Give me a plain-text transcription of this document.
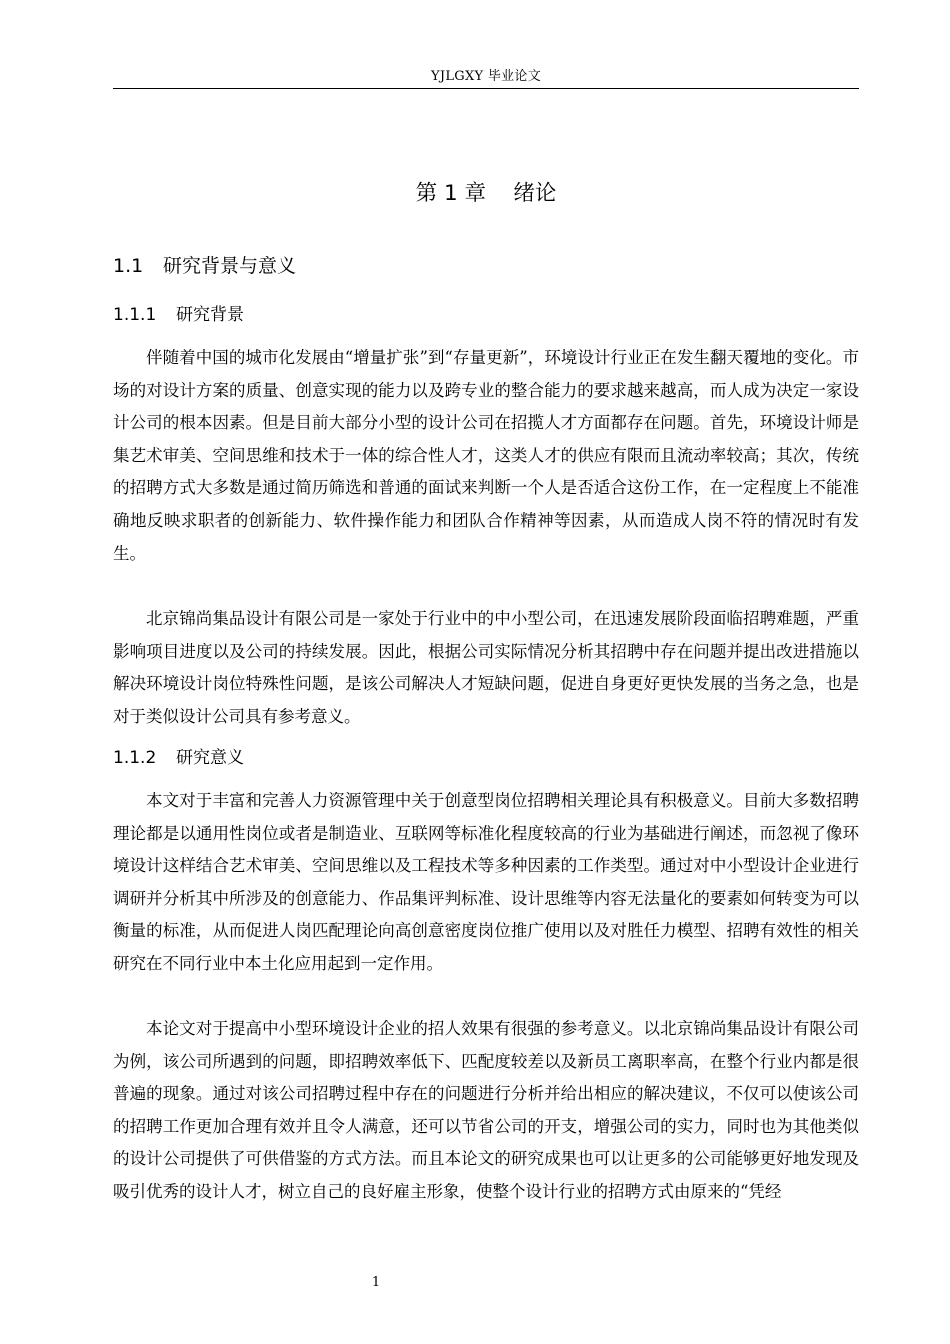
YJLGXY 毕业论文
第 1 章    绪论
1.1 研究背景与意义
1.1.1 研究背景

伴随着中国的城市化发展由“增量扩张”到“存量更新”，环境设计行业正在发生翻天覆地的变化。市场的对设计方案的质量、创意实现的能力以及跨专业的整合能力的要求越来越高，而人成为决定一家设计公司的根本因素。但是目前大部分小型的设计公司在招揽人才方面都存在问题。首先，环境设计师是集艺术审美、空间思维和技术于一体的综合性人才，这类人才的供应有限而且流动率较高；其次，传统的招聘方式大多数是通过简历筛选和普通的面试来判断一个人是否适合这份工作，在一定程度上不能准确地反映求职者的创新能力、软件操作能力和团队合作精神等因素，从而造成人岗不符的情况时有发生。

北京锦尚集品设计有限公司是一家处于行业中的中小型公司，在迅速发展阶段面临招聘难题，严重影响项目进度以及公司的持续发展。因此，根据公司实际情况分析其招聘中存在问题并提出改进措施以解决环境设计岗位特殊性问题，是该公司解决人才短缺问题，促进自身更好更快发展的当务之急，也是对于类似设计公司具有参考意义。

1.1.2 研究意义

本文对于丰富和完善人力资源管理中关于创意型岗位招聘相关理论具有积极意义。目前大多数招聘理论都是以通用性岗位或者是制造业、互联网等标准化程度较高的行业为基础进行阐述，而忽视了像环境设计这样结合艺术审美、空间思维以及工程技术等多种因素的工作类型。通过对中小型设计企业进行调研并分析其中所涉及的创意能力、作品集评判标准、设计思维等内容无法量化的要素如何转变为可以衡量的标准，从而促进人岗匹配理论向高创意密度岗位推广使用以及对胜任力模型、招聘有效性的相关研究在不同行业中本土化应用起到一定作用。

本论文对于提高中小型环境设计企业的招人效果有很强的参考意义。以北京锦尚集品设计有限公司为例，该公司所遇到的问题，即招聘效率低下、匹配度较差以及新员工离职率高，在整个行业内都是很普遍的现象。通过对该公司招聘过程中存在的问题进行分析并给出相应的解决建议，不仅可以使该公司的招聘工作更加合理有效并且令人满意，还可以节省公司的开支，增强公司的实力，同时也为其他类似的设计公司提供了可供借鉴的方式方法。而且本论文的研究成果也可以让更多的公司能够更好地发现及吸引优秀的设计人才，树立自己的良好雇主形象，使整个设计行业的招聘方式由原来的“凭经

1
